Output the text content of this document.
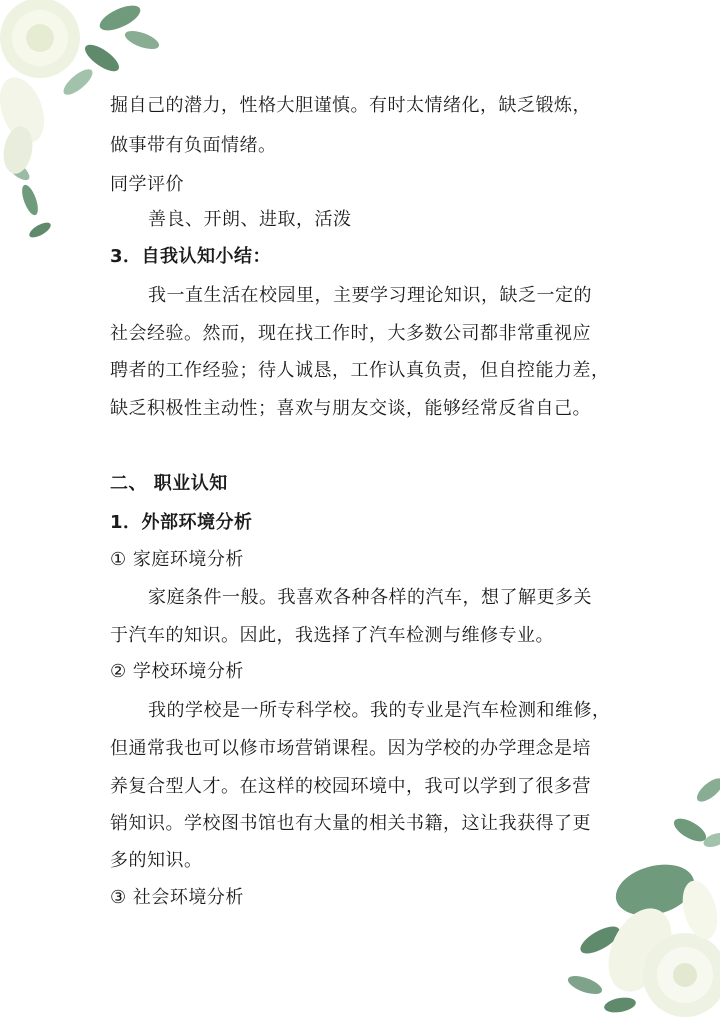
掘自己的潜力，性格大胆谨慎。有时太情绪化，缺乏锻炼，
做事带有负面情绪。
同学评价
善良、开朗、进取，活泼
3．自我认知小结：
我一直生活在校园里，主要学习理论知识，缺乏一定的
社会经验。然而，现在找工作时，大多数公司都非常重视应
聘者的工作经验；待人诚恳，工作认真负责，但自控能力差，
缺乏积极性主动性；喜欢与朋友交谈，能够经常反省自己。
二、 职业认知
1．外部环境分析
① 家庭环境分析
家庭条件一般。我喜欢各种各样的汽车，想了解更多关
于汽车的知识。因此，我选择了汽车检测与维修专业。
② 学校环境分析
我的学校是一所专科学校。我的专业是汽车检测和维修，
但通常我也可以修市场营销课程。因为学校的办学理念是培
养复合型人才。在这样的校园环境中，我可以学到了很多营
销知识。学校图书馆也有大量的相关书籍，这让我获得了更
多的知识。
③ 社会环境分析
